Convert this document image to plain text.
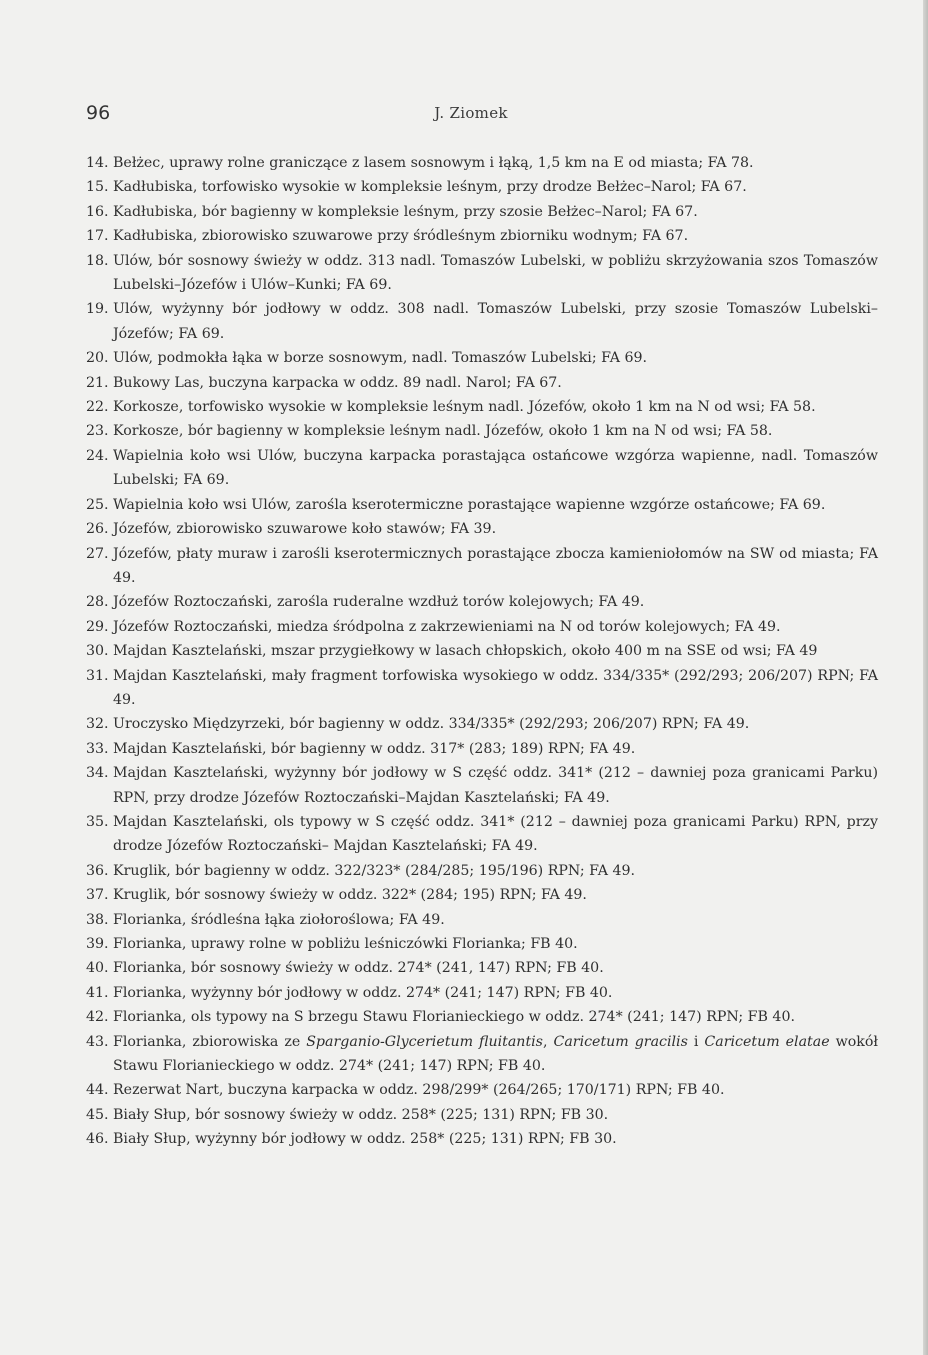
96	J. Ziomek
14. Bełżec, uprawy rolne graniczące z lasem sosnowym i łąką, 1,5 km na E od miasta; FA 78.
15. Kadłubiska, torfowisko wysokie w kompleksie leśnym, przy drodze Bełżec–Narol; FA 67.
16. Kadłubiska, bór bagienny w kompleksie leśnym, przy szosie Bełżec–Narol; FA 67.
17. Kadłubiska, zbiorowisko szuwarowe przy śródleśnym zbiorniku wodnym; FA 67.
18. Ulów, bór sosnowy świeży w oddz. 313 nadl. Tomaszów Lubelski, w pobliżu skrzyżowania szos Tomaszów Lubelski–Józefów i Ulów–Kunki; FA 69.
19. Ulów, wyżynny bór jodłowy w oddz. 308 nadl. Tomaszów Lubelski, przy szosie Tomaszów Lubelski–Józefów; FA 69.
20. Ulów, podmokła łąka w borze sosnowym, nadl. Tomaszów Lubelski; FA 69.
21. Bukowy Las, buczyna karpacka w oddz. 89 nadl. Narol; FA 67.
22. Korkosze, torfowisko wysokie w kompleksie leśnym nadl. Józefów, około 1 km na N od wsi; FA 58.
23. Korkosze, bór bagienny w kompleksie leśnym nadl. Józefów, około 1 km na N od wsi; FA 58.
24. Wapielnia koło wsi Ulów, buczyna karpacka porastająca ostańcowe wzgórza wapienne, nadl. Tomaszów Lubelski; FA 69.
25. Wapielnia koło wsi Ulów, zarośla kserotermiczne porastające wapienne wzgórze ostańcowe; FA 69.
26. Józefów, zbiorowisko szuwarowe koło stawów; FA 39.
27. Józefów, płaty muraw i zarośli kserotermicznych porastające zbocza kamieniołomów na SW od miasta; FA 49.
28. Józefów Roztoczański, zarośla ruderalne wzdłuż torów kolejowych; FA 49.
29. Józefów Roztoczański, miedza śródpolna z zakrzewieniami na N od torów kolejowych; FA 49.
30. Majdan Kasztelański, mszar przygiełkowy w lasach chłopskich, około 400 m na SSE od wsi; FA 49
31. Majdan Kasztelański, mały fragment torfowiska wysokiego w oddz. 334/335* (292/293; 206/207) RPN; FA 49.
32. Uroczysko Międzyrzeki, bór bagienny w oddz. 334/335* (292/293; 206/207) RPN; FA 49.
33. Majdan Kasztelański, bór bagienny w oddz. 317* (283; 189) RPN; FA 49.
34. Majdan Kasztelański, wyżynny bór jodłowy w S część oddz. 341* (212 – dawniej poza granicami Parku) RPN, przy drodze Józefów Roztoczański–Majdan Kasztelański; FA 49.
35. Majdan Kasztelański, ols typowy w S część oddz. 341* (212 – dawniej poza granicami Parku) RPN, przy drodze Józefów Roztoczański– Majdan Kasztelański; FA 49.
36. Kruglik, bór bagienny w oddz. 322/323* (284/285; 195/196) RPN; FA 49.
37. Kruglik, bór sosnowy świeży w oddz. 322* (284; 195) RPN; FA 49.
38. Florianka, śródleśna łąka ziołoroślowa; FA 49.
39. Florianka, uprawy rolne w pobliżu leśniczówki Florianka; FB 40.
40. Florianka, bór sosnowy świeży w oddz. 274* (241, 147) RPN; FB 40.
41. Florianka, wyżynny bór jodłowy w oddz. 274* (241; 147) RPN; FB 40.
42. Florianka, ols typowy na S brzegu Stawu Florianieckiego w oddz. 274* (241; 147) RPN; FB 40.
43. Florianka, zbiorowiska ze Sparganio-Glycerietum fluitantis, Caricetum gracilis i Caricetum elatae wokół Stawu Florianieckiego w oddz. 274* (241; 147) RPN; FB 40.
44. Rezerwat Nart, buczyna karpacka w oddz. 298/299* (264/265; 170/171) RPN; FB 40.
45. Biały Słup, bór sosnowy świeży w oddz. 258* (225; 131) RPN; FB 30.
46. Biały Słup, wyżynny bór jodłowy w oddz. 258* (225; 131) RPN; FB 30.
